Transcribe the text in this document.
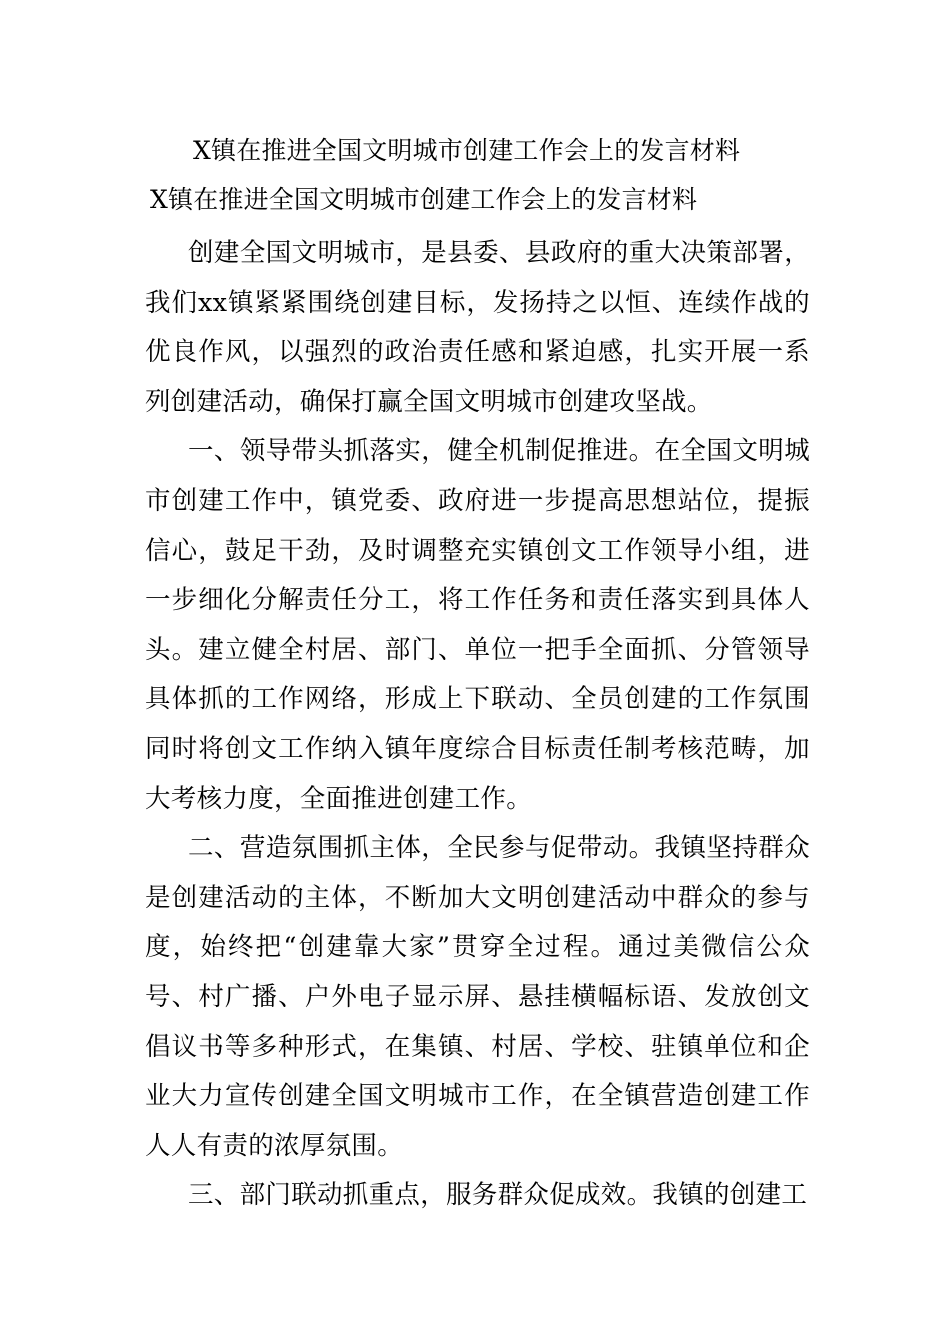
X镇在推进全国文明城市创建工作会上的发言材料
X镇在推进全国文明城市创建工作会上的发言材料

创建全国文明城市，是县委、县政府的重大决策部署，我们xx镇紧紧围绕创建目标，发扬持之以恒、连续作战的优良作风，以强烈的政治责任感和紧迫感，扎实开展一系列创建活动，确保打赢全国文明城市创建攻坚战。

一、领导带头抓落实，健全机制促推进。在全国文明城市创建工作中，镇党委、政府进一步提高思想站位，提振信心，鼓足干劲，及时调整充实镇创文工作领导小组，进一步细化分解责任分工，将工作任务和责任落实到具体人头。建立健全村居、部门、单位一把手全面抓、分管领导具体抓的工作网络，形成上下联动、全员创建的工作氛围同时将创文工作纳入镇年度综合目标责任制考核范畴，加大考核力度，全面推进创建工作。

二、营造氛围抓主体，全民参与促带动。我镇坚持群众是创建活动的主体，不断加大文明创建活动中群众的参与度，始终把“创建靠大家”贯穿全过程。通过美微信公众号、村广播、户外电子显示屏、悬挂横幅标语、发放创文倡议书等多种形式，在集镇、村居、学校、驻镇单位和企业大力宣传创建全国文明城市工作，在全镇营造创建工作人人有责的浓厚氛围。

三、部门联动抓重点，服务群众促成效。我镇的创建工
